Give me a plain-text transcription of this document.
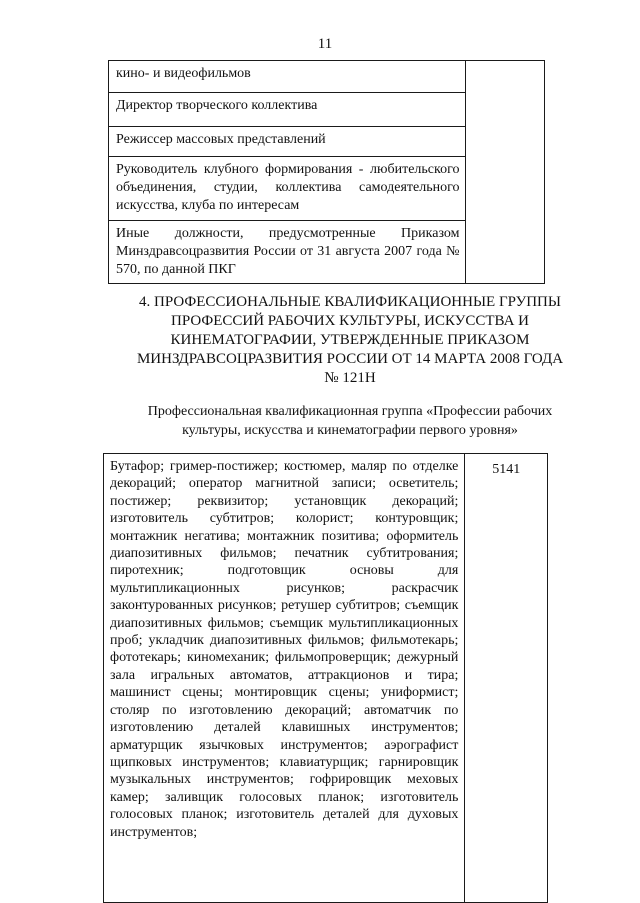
11
кино- и видеофильмов	
Директор творческого коллектива
Режиссер массовых представлений
Руководитель клубного формирования - любительского объединения, студии, коллектива самодеятельного искусства, клуба по интересам
Иные должности, предусмотренные Приказом Минздравсоцразвития России от 31 августа 2007 года № 570, по данной ПКГ
4. ПРОФЕССИОНАЛЬНЫЕ КВАЛИФИКАЦИОННЫЕ ГРУППЫ ПРОФЕССИЙ РАБОЧИХ КУЛЬТУРЫ, ИСКУССТВА И КИНЕМАТОГРАФИИ, УТВЕРЖДЕННЫЕ ПРИКАЗОМ МИНЗДРАВСОЦРАЗВИТИЯ РОССИИ ОТ 14 МАРТА 2008 ГОДА № 121Н
Профессиональная квалификационная группа «Профессии рабочих культуры, искусства и кинематографии первого уровня»
Бутафор; гример-постижер; костюмер, маляр по отделке декораций; оператор магнитной записи; осветитель; постижер; реквизитор; установщик декораций; изготовитель субтитров; колорист; контуровщик; монтажник негатива; монтажник позитива; оформитель диапозитивных фильмов; печатник субтитрования; пиротехник; подготовщик основы для мультипликационных рисунков; раскрасчик законтурованных рисунков; ретушер субтитров; съемщик диапозитивных фильмов; съемщик мультипликационных проб; укладчик диапозитивных фильмов; фильмотекарь; фототекарь; киномеханик; фильмопроверщик; дежурный зала игральных автоматов, аттракционов и тира; машинист сцены; монтировщик сцены; униформист; столяр по изготовлению декораций; автоматчик по изготовлению деталей клавишных инструментов; арматурщик язычковых инструментов; аэрографист щипковых инструментов; клавиатурщик; гарнировщик музыкальных инструментов; гофрировщик меховых камер; заливщик голосовых планок; изготовитель голосовых планок; изготовитель деталей для духовых инструментов;	5141
